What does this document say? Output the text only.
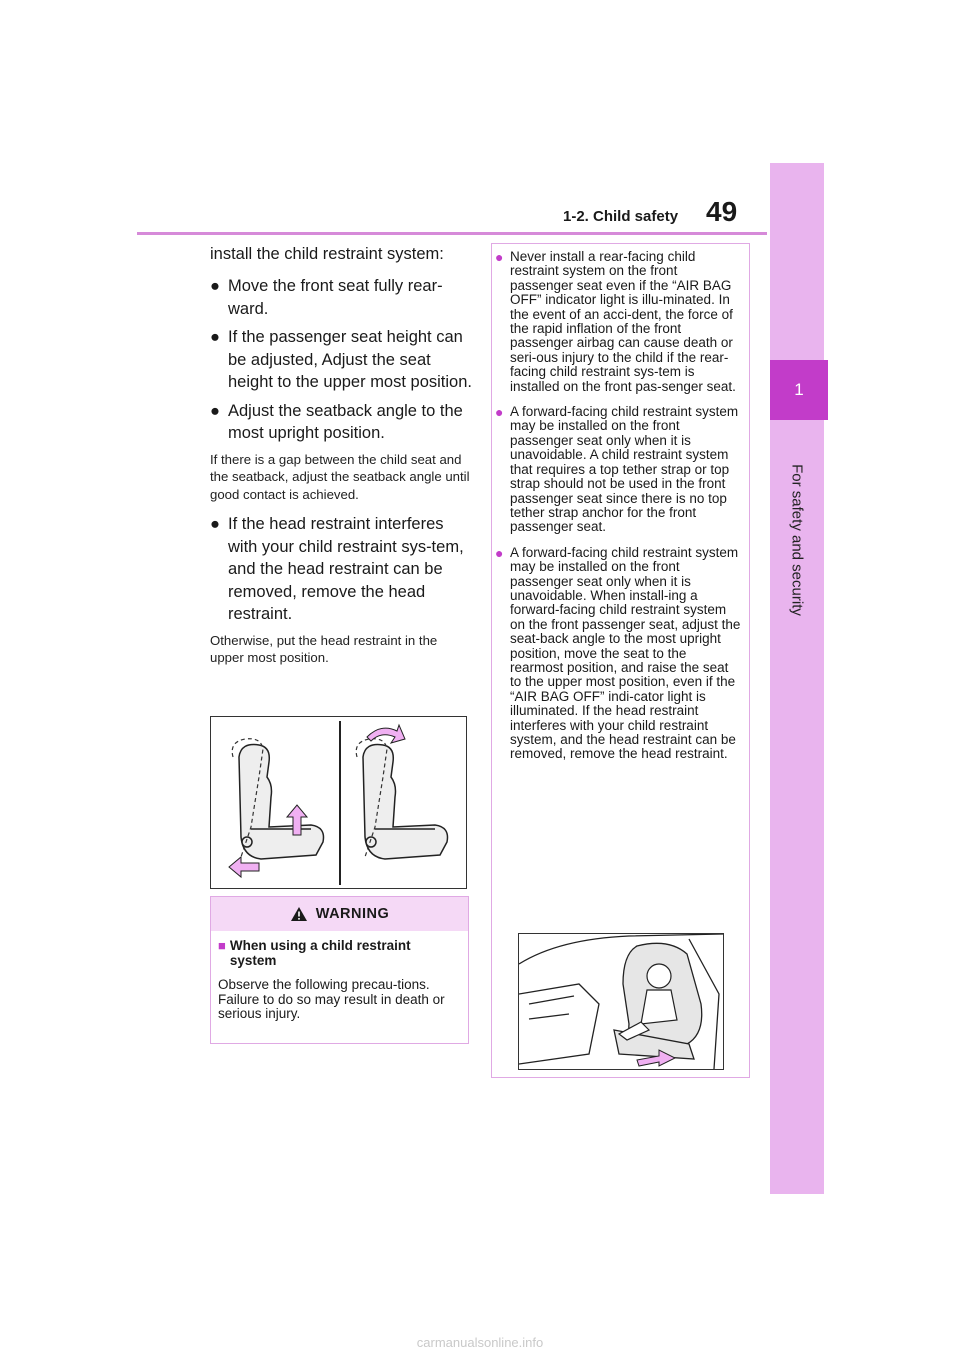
1-2. Child safety 49
1
For safety and security

install the child restraint system:

● Move the front seat fully rear-ward.
● If the passenger seat height can be adjusted, Adjust the seat height to the upper most position.
● Adjust the seatback angle to the most upright position.

If there is a gap between the child seat and the seatback, adjust the seatback angle until good contact is achieved.

● If the head restraint interferes with your child restraint sys-tem, and the head restraint can be removed, remove the head restraint.

Otherwise, put the head restraint in the upper most position.

WARNING
■ When using a child restraint system
Observe the following precau-tions. Failure to do so may result in death or serious injury.
● Never install a rear-facing child restraint system on the front passenger seat even if the “AIR BAG OFF” indicator light is illu-minated. In the event of an acci-dent, the force of the rapid inflation of the front passenger airbag can cause death or seri-ous injury to the child if the rear-facing child restraint sys-tem is installed on the front pas-senger seat.
● A forward-facing child restraint system may be installed on the front passenger seat only when it is unavoidable. A child restraint system that requires a top tether strap or top strap should not be used in the front passenger seat since there is no top tether strap anchor for the front passenger seat.
● A forward-facing child restraint system may be installed on the front passenger seat only when it is unavoidable. When install-ing a forward-facing child restraint system on the front passenger seat, adjust the seat-back angle to the most upright position, move the seat to the rearmost position, and raise the seat to the upper most position, even if the “AIR BAG OFF” indi-cator light is illuminated. If the head restraint interferes with your child restraint system, and the head restraint can be removed, remove the head restraint.
carmanualsonline.info
